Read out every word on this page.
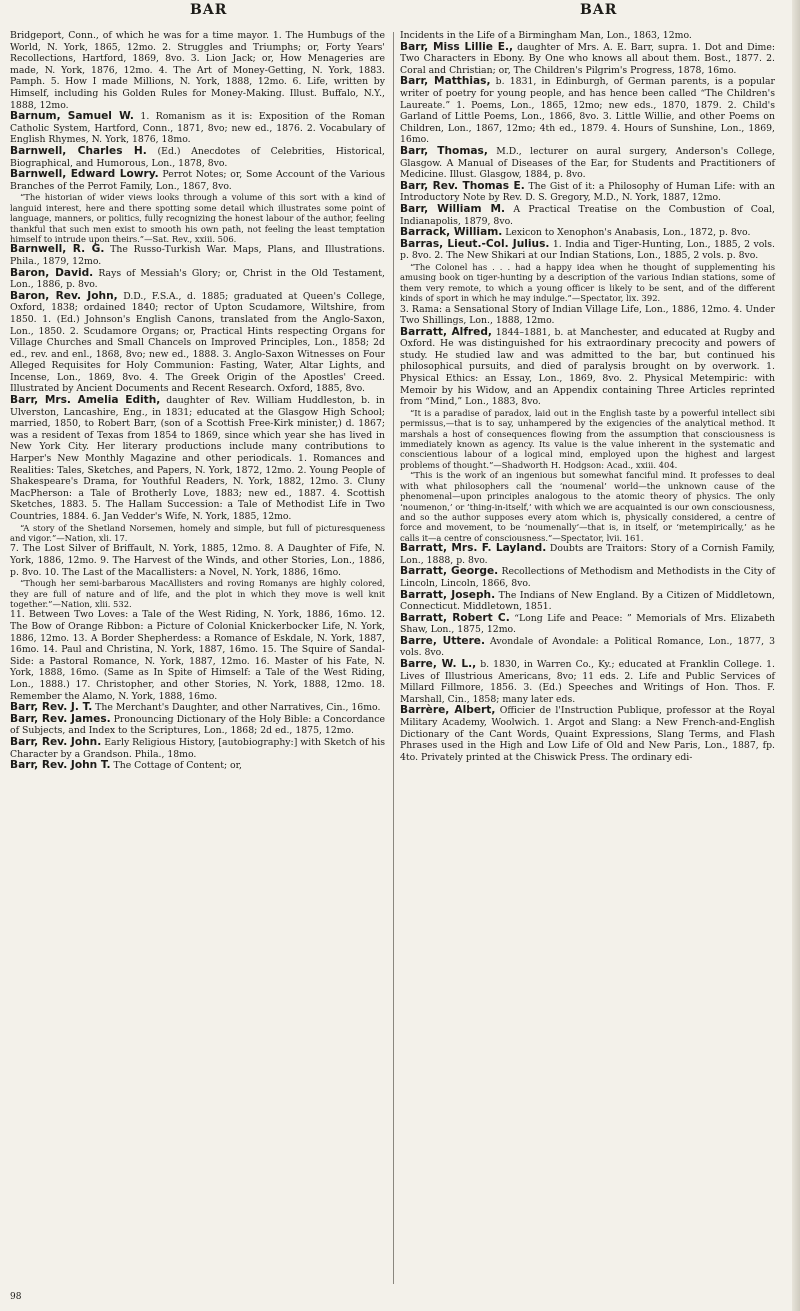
BAR	BAR

Bridgeport, Conn., of which he was for a time mayor. 1. The Humbugs of the World, N. York, 1865, 12mo. 2. Struggles and Triumphs; or, Forty Years' Recollections, Hartford, 1869, 8vo. 3. Lion Jack; or, How Menageries are made, N. York, 1876, 12mo. 4. The Art of Money-Getting, N. York, 1883. Pamph. 5. How I made Millions, N. York, 1888, 12mo. 6. Life, written by Himself, including his Golden Rules for Money-Making. Illust. Buffalo, N.Y., 1888, 12mo.

Barnum, Samuel W. 1. Romanism as it is: Exposition of the Roman Catholic System, Hartford, Conn., 1871, 8vo; new ed., 1876. 2. Vocabulary of English Rhymes, N. York, 1876, 18mo.

Barnwell, Charles H. (Ed.) Anecdotes of Celebrities, Historical, Biographical, and Humorous, Lon., 1878, 8vo.

Barnwell, Edward Lowry. Perrot Notes; or, Some Account of the Various Branches of the Perrot Family, Lon., 1867, 8vo.

“The historian of wider views looks through a volume of this sort with a kind of languid interest, here and there spotting some detail which illustrates some point of language, manners, or politics, fully recognizing the honest labour of the author, feeling thankful that such men exist to smooth his own path, not feeling the least temptation himself to intrude upon theirs.”—Sat. Rev., xxiii. 506.

Barnwell, R. G. The Russo-Turkish War. Maps, Plans, and Illustrations. Phila., 1879, 12mo.

Baron, David. Rays of Messiah's Glory; or, Christ in the Old Testament, Lon., 1886, p. 8vo.

Baron, Rev. John, D.D., F.S.A., d. 1885; graduated at Queen's College, Oxford, 1838; ordained 1840; rector of Upton Scudamore, Wiltshire, from 1850. 1. (Ed.) Johnson's English Canons, translated from the Anglo-Saxon, Lon., 1850. 2. Scudamore Organs; or, Practical Hints respecting Organs for Village Churches and Small Chancels on Improved Principles, Lon., 1858; 2d ed., rev. and enl., 1868, 8vo; new ed., 1888. 3. Anglo-Saxon Witnesses on Four Alleged Requisites for Holy Communion: Fasting, Water, Altar Lights, and Incense, Lon., 1869, 8vo. 4. The Greek Origin of the Apostles' Creed. Illustrated by Ancient Documents and Recent Research. Oxford, 1885, 8vo.

Barr, Mrs. Amelia Edith, daughter of Rev. William Huddleston, b. in Ulverston, Lancashire, Eng., in 1831; educated at the Glasgow High School; married, 1850, to Robert Barr, (son of a Scottish Free-Kirk minister,) d. 1867; was a resident of Texas from 1854 to 1869, since which year she has lived in New York City. Her literary productions include many contributions to Harper's New Monthly Magazine and other periodicals. 1. Romances and Realities: Tales, Sketches, and Papers, N. York, 1872, 12mo. 2. Young People of Shakespeare's Drama, for Youthful Readers, N. York, 1882, 12mo. 3. Cluny MacPherson: a Tale of Brotherly Love, 1883; new ed., 1887. 4. Scottish Sketches, 1883. 5. The Hallam Succession: a Tale of Methodist Life in Two Countries, 1884. 6. Jan Vedder's Wife, N. York, 1885, 12mo.

“A story of the Shetland Norsemen, homely and simple, but full of picturesqueness and vigor.”—Nation, xli. 17.

7. The Lost Silver of Briffault, N. York, 1885, 12mo. 8. A Daughter of Fife, N. York, 1886, 12mo. 9. The Harvest of the Winds, and other Stories, Lon., 1886, p. 8vo. 10. The Last of the Macallisters: a Novel, N. York, 1886, 16mo.

“Though her semi-barbarous MacAllisters and roving Romanys are highly colored, they are full of nature and of life, and the plot in which they move is well knit together.”—Nation, xlii. 532.

11. Between Two Loves: a Tale of the West Riding, N. York, 1886, 16mo. 12. The Bow of Orange Ribbon: a Picture of Colonial Knickerbocker Life, N. York, 1886, 12mo. 13. A Border Shepherdess: a Romance of Eskdale, N. York, 1887, 16mo. 14. Paul and Christina, N. York, 1887, 16mo. 15. The Squire of Sandal-Side: a Pastoral Romance, N. York, 1887, 12mo. 16. Master of his Fate, N. York, 1888, 16mo. (Same as In Spite of Himself: a Tale of the West Riding, Lon., 1888.) 17. Christopher, and other Stories, N. York, 1888, 12mo. 18. Remember the Alamo, N. York, 1888, 16mo.

Barr, Rev. J. T. The Merchant's Daughter, and other Narratives, Cin., 16mo.

Barr, Rev. James. Pronouncing Dictionary of the Holy Bible: a Concordance of Subjects, and Index to the Scriptures, Lon., 1868; 2d ed., 1875, 12mo.

Barr, Rev. John. Early Religious History, [autobiography:] with Sketch of his Character by a Grandson. Phila., 18mo.

Barr, Rev. John T. The Cottage of Content; or,

Incidents in the Life of a Birmingham Man, Lon., 1863, 12mo.

Barr, Miss Lillie E., daughter of Mrs. A. E. Barr, supra. 1. Dot and Dime: Two Characters in Ebony. By One who knows all about them. Bost., 1877. 2. Coral and Christian; or, The Children's Pilgrim's Progress, 1878, 16mo.

Barr, Matthias, b. 1831, in Edinburgh, of German parents, is a popular writer of poetry for young people, and has hence been called “The Children's Laureate.” 1. Poems, Lon., 1865, 12mo; new eds., 1870, 1879. 2. Child's Garland of Little Poems, Lon., 1866, 8vo. 3. Little Willie, and other Poems on Children, Lon., 1867, 12mo; 4th ed., 1879. 4. Hours of Sunshine, Lon., 1869, 16mo.

Barr, Thomas, M.D., lecturer on aural surgery, Anderson's College, Glasgow. A Manual of Diseases of the Ear, for Students and Practitioners of Medicine. Illust. Glasgow, 1884, p. 8vo.

Barr, Rev. Thomas E. The Gist of it: a Philosophy of Human Life: with an Introductory Note by Rev. D. S. Gregory, M.D., N. York, 1887, 12mo.

Barr, William M. A Practical Treatise on the Combustion of Coal, Indianapolis, 1879, 8vo.

Barrack, William. Lexicon to Xenophon's Anabasis, Lon., 1872, p. 8vo.

Barras, Lieut.-Col. Julius. 1. India and Tiger-Hunting, Lon., 1885, 2 vols. p. 8vo. 2. The New Shikari at our Indian Stations, Lon., 1885, 2 vols. p. 8vo.

“The Colonel has . . . had a happy idea when he thought of supplementing his amusing book on tiger-hunting by a description of the various Indian stations, some of them very remote, to which a young officer is likely to be sent, and of the different kinds of sport in which he may indulge.”—Spectator, lix. 392.

3. Rama: a Sensational Story of Indian Village Life, Lon., 1886, 12mo. 4. Under Two Shillings, Lon., 1888, 12mo.

Barratt, Alfred, 1844–1881, b. at Manchester, and educated at Rugby and Oxford. He was distinguished for his extraordinary precocity and powers of study. He studied law and was admitted to the bar, but continued his philosophical pursuits, and died of paralysis brought on by overwork. 1. Physical Ethics: an Essay, Lon., 1869, 8vo. 2. Physical Metempiric: with Memoir by his Widow, and an Appendix containing Three Articles reprinted from “Mind,” Lon., 1883, 8vo.

“It is a paradise of paradox, laid out in the English taste by a powerful intellect sibi permissus,—that is to say, unhampered by the exigencies of the analytical method. It marshals a host of consequences flowing from the assumption that consciousness is immediately known as agency. Its value is the value inherent in the systematic and conscientious labour of a logical mind, employed upon the highest and largest problems of thought.”—Shadworth H. Hodgson: Acad., xxiii. 404.

“This is the work of an ingenious but somewhat fanciful mind. It professes to deal with what philosophers call the ‘noumenal’ world—the unknown cause of the phenomenal—upon principles analogous to the atomic theory of physics. The only ‘noumenon,’ or ‘thing-in-itself,’ with which we are acquainted is our own consciousness, and so the author supposes every atom which is, physically considered, a centre of force and movement, to be ‘noumenally’—that is, in itself, or ‘metempirically,’ as he calls it—a centre of consciousness.”—Spectator, lvii. 161.

Barratt, Mrs. F. Layland. Doubts are Traitors: Story of a Cornish Family, Lon., 1888, p. 8vo.

Barratt, George. Recollections of Methodism and Methodists in the City of Lincoln, Lincoln, 1866, 8vo.

Barratt, Joseph. The Indians of New England. By a Citizen of Middletown, Connecticut. Middletown, 1851.

Barratt, Robert C. “Long Life and Peace: ” Memorials of Mrs. Elizabeth Shaw, Lon., 1875, 12mo.

Barre, Uttere. Avondale of Avondale: a Political Romance, Lon., 1877, 3 vols. 8vo.

Barre, W. L., b. 1830, in Warren Co., Ky.; educated at Franklin College. 1. Lives of Illustrious Americans, 8vo; 11 eds. 2. Life and Public Services of Millard Fillmore, 1856. 3. (Ed.) Speeches and Writings of Hon. Thos. F. Marshall, Cin., 1858; many later eds.

Barrère, Albert, Officier de l'Instruction Publique, professor at the Royal Military Academy, Woolwich. 1. Argot and Slang: a New French-and-English Dictionary of the Cant Words, Quaint Expressions, Slang Terms, and Flash Phrases used in the High and Low Life of Old and New Paris, Lon., 1887, fp. 4to. Privately printed at the Chiswick Press. The ordinary edi-

98
